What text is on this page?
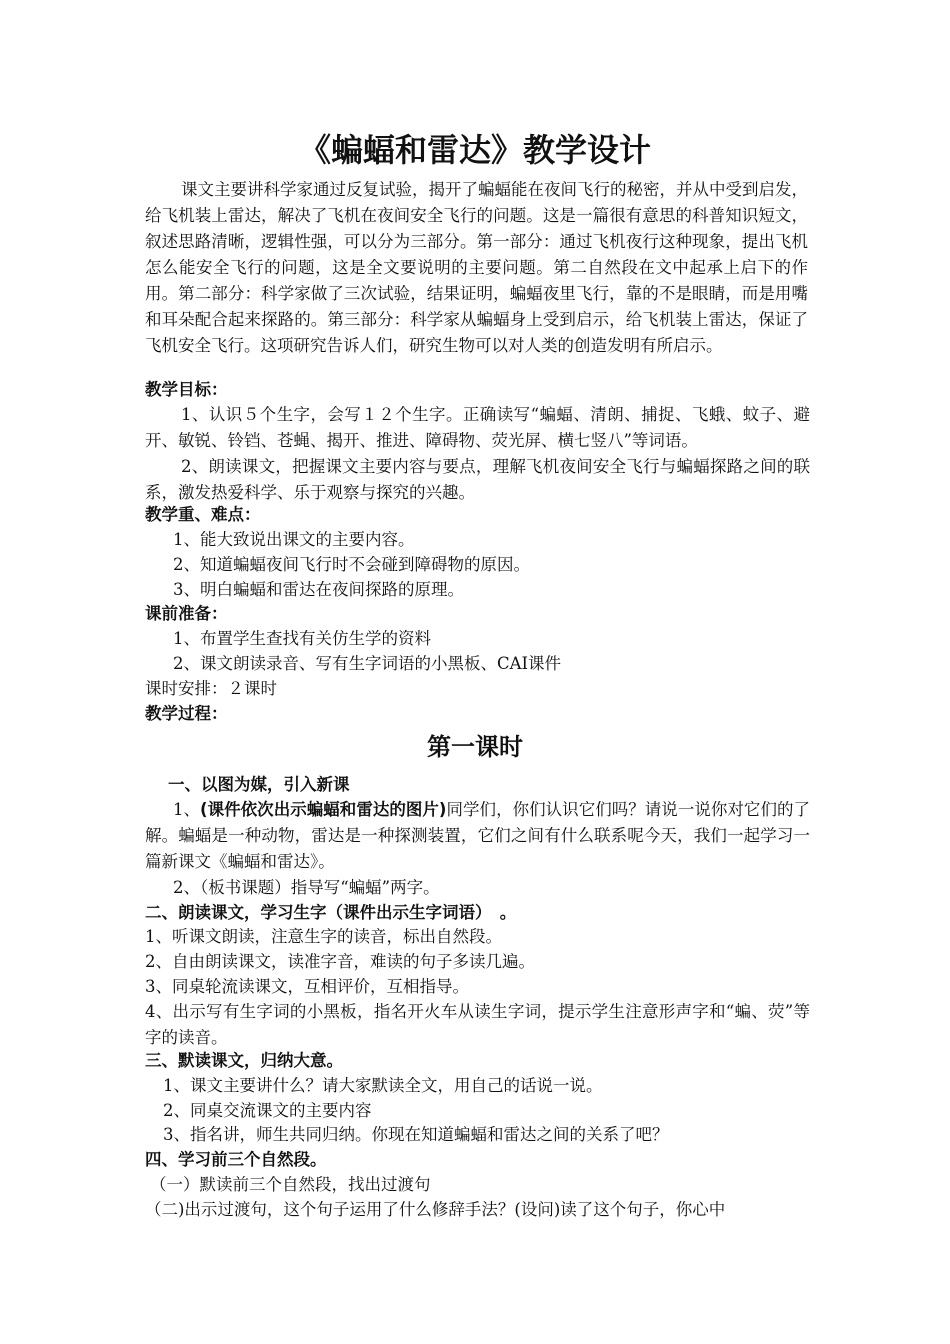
《蝙蝠和雷达》教学设计
课文主要讲科学家通过反复试验，揭开了蝙蝠能在夜间飞行的秘密，并从中受到启发，给飞机装上雷达，解决了飞机在夜间安全飞行的问题。这是一篇很有意思的科普知识短文，叙述思路清晰，逻辑性强，可以分为三部分。第一部分：通过飞机夜行这种现象，提出飞机怎么能安全飞行的问题，这是全文要说明的主要问题。第二自然段在文中起承上启下的作用。第二部分：科学家做了三次试验，结果证明，蝙蝠夜里飞行，靠的不是眼睛，而是用嘴和耳朵配合起来探路的。第三部分：科学家从蝙蝠身上受到启示，给飞机装上雷达，保证了飞机安全飞行。这项研究告诉人们，研究生物可以对人类的创造发明有所启示。
教学目标：
1、认识５个生字，会写１２个生字。正确读写“蝙蝠、清朗、捕捉、飞蛾、蚊子、避开、敏锐、铃铛、苍蝇、揭开、推进、障碍物、荧光屏、横七竖八”等词语。
2、朗读课文，把握课文主要内容与要点，理解飞机夜间安全飞行与蝙蝠探路之间的联系，激发热爱科学、乐于观察与探究的兴趣。
教学重、难点：
1、能大致说出课文的主要内容。
2、知道蝙蝠夜间飞行时不会碰到障碍物的原因。
3、明白蝙蝠和雷达在夜间探路的原理。
课前准备：
1、布置学生查找有关仿生学的资料
2、课文朗读录音、写有生字词语的小黑板、CAI课件
课时安排：２课时
教学过程：
第一课时
一、以图为媒，引入新课
1、(课件依次出示蝙蝠和雷达的图片)同学们，你们认识它们吗？请说一说你对它们的了解。蝙蝠是一种动物，雷达是一种探测装置，它们之间有什么联系呢今天，我们一起学习一篇新课文《蝙蝠和雷达》。
2、（板书课题）指导写“蝙蝠”两字。
二、朗读课文，学习生字（课件出示生字词语）　。
1、听课文朗读，注意生字的读音，标出自然段。
2、自由朗读课文，读准字音，难读的句子多读几遍。
3、同桌轮流读课文，互相评价，互相指导。
4、出示写有生字词的小黑板，指名开火车从读生字词，提示学生注意形声字和“蝙、荧”等字的读音。
三、默读课文，归纳大意。
1、课文主要讲什么？请大家默读全文，用自己的话说一说。
2、同桌交流课文的主要内容
3、指名讲，师生共同归纳。你现在知道蝙蝠和雷达之间的关系了吧？
四、学习前三个自然段。
（一）默读前三个自然段，找出过渡句
（二)出示过渡句，这个句子运用了什么修辞手法？(设问)读了这个句子，你心中
